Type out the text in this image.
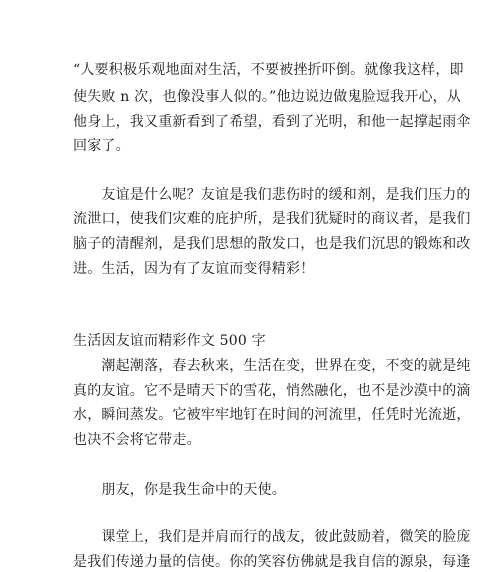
“人要积极乐观地面对生活，不要被挫折吓倒。就像我这样，即
使失败 n 次，也像没事人似的。”他边说边做鬼脸逗我开心，从
他身上，我又重新看到了希望，看到了光明，和他一起撑起雨伞
回家了。
　　友谊是什么呢？友谊是我们悲伤时的缓和剂，是我们压力的
流泄口，使我们灾难的庇护所，是我们犹疑时的商议者，是我们
脑子的清醒剂，是我们思想的散发口，也是我们沉思的锻炼和改
进。生活，因为有了友谊而变得精彩！
生活因友谊而精彩作文 500 字
　　潮起潮落，春去秋来，生活在变，世界在变，不变的就是纯
真的友谊。它不是晴天下的雪花，悄然融化，也不是沙漠中的滴
水，瞬间蒸发。它被牢牢地钉在时间的河流里，任凭时光流逝，
也决不会将它带走。
　　朋友，你是我生命中的天使。
　　课堂上，我们是并肩而行的战友，彼此鼓励着，微笑的脸庞
是我们传递力量的信使。你的笑容仿佛就是我自信的源泉，每逢
